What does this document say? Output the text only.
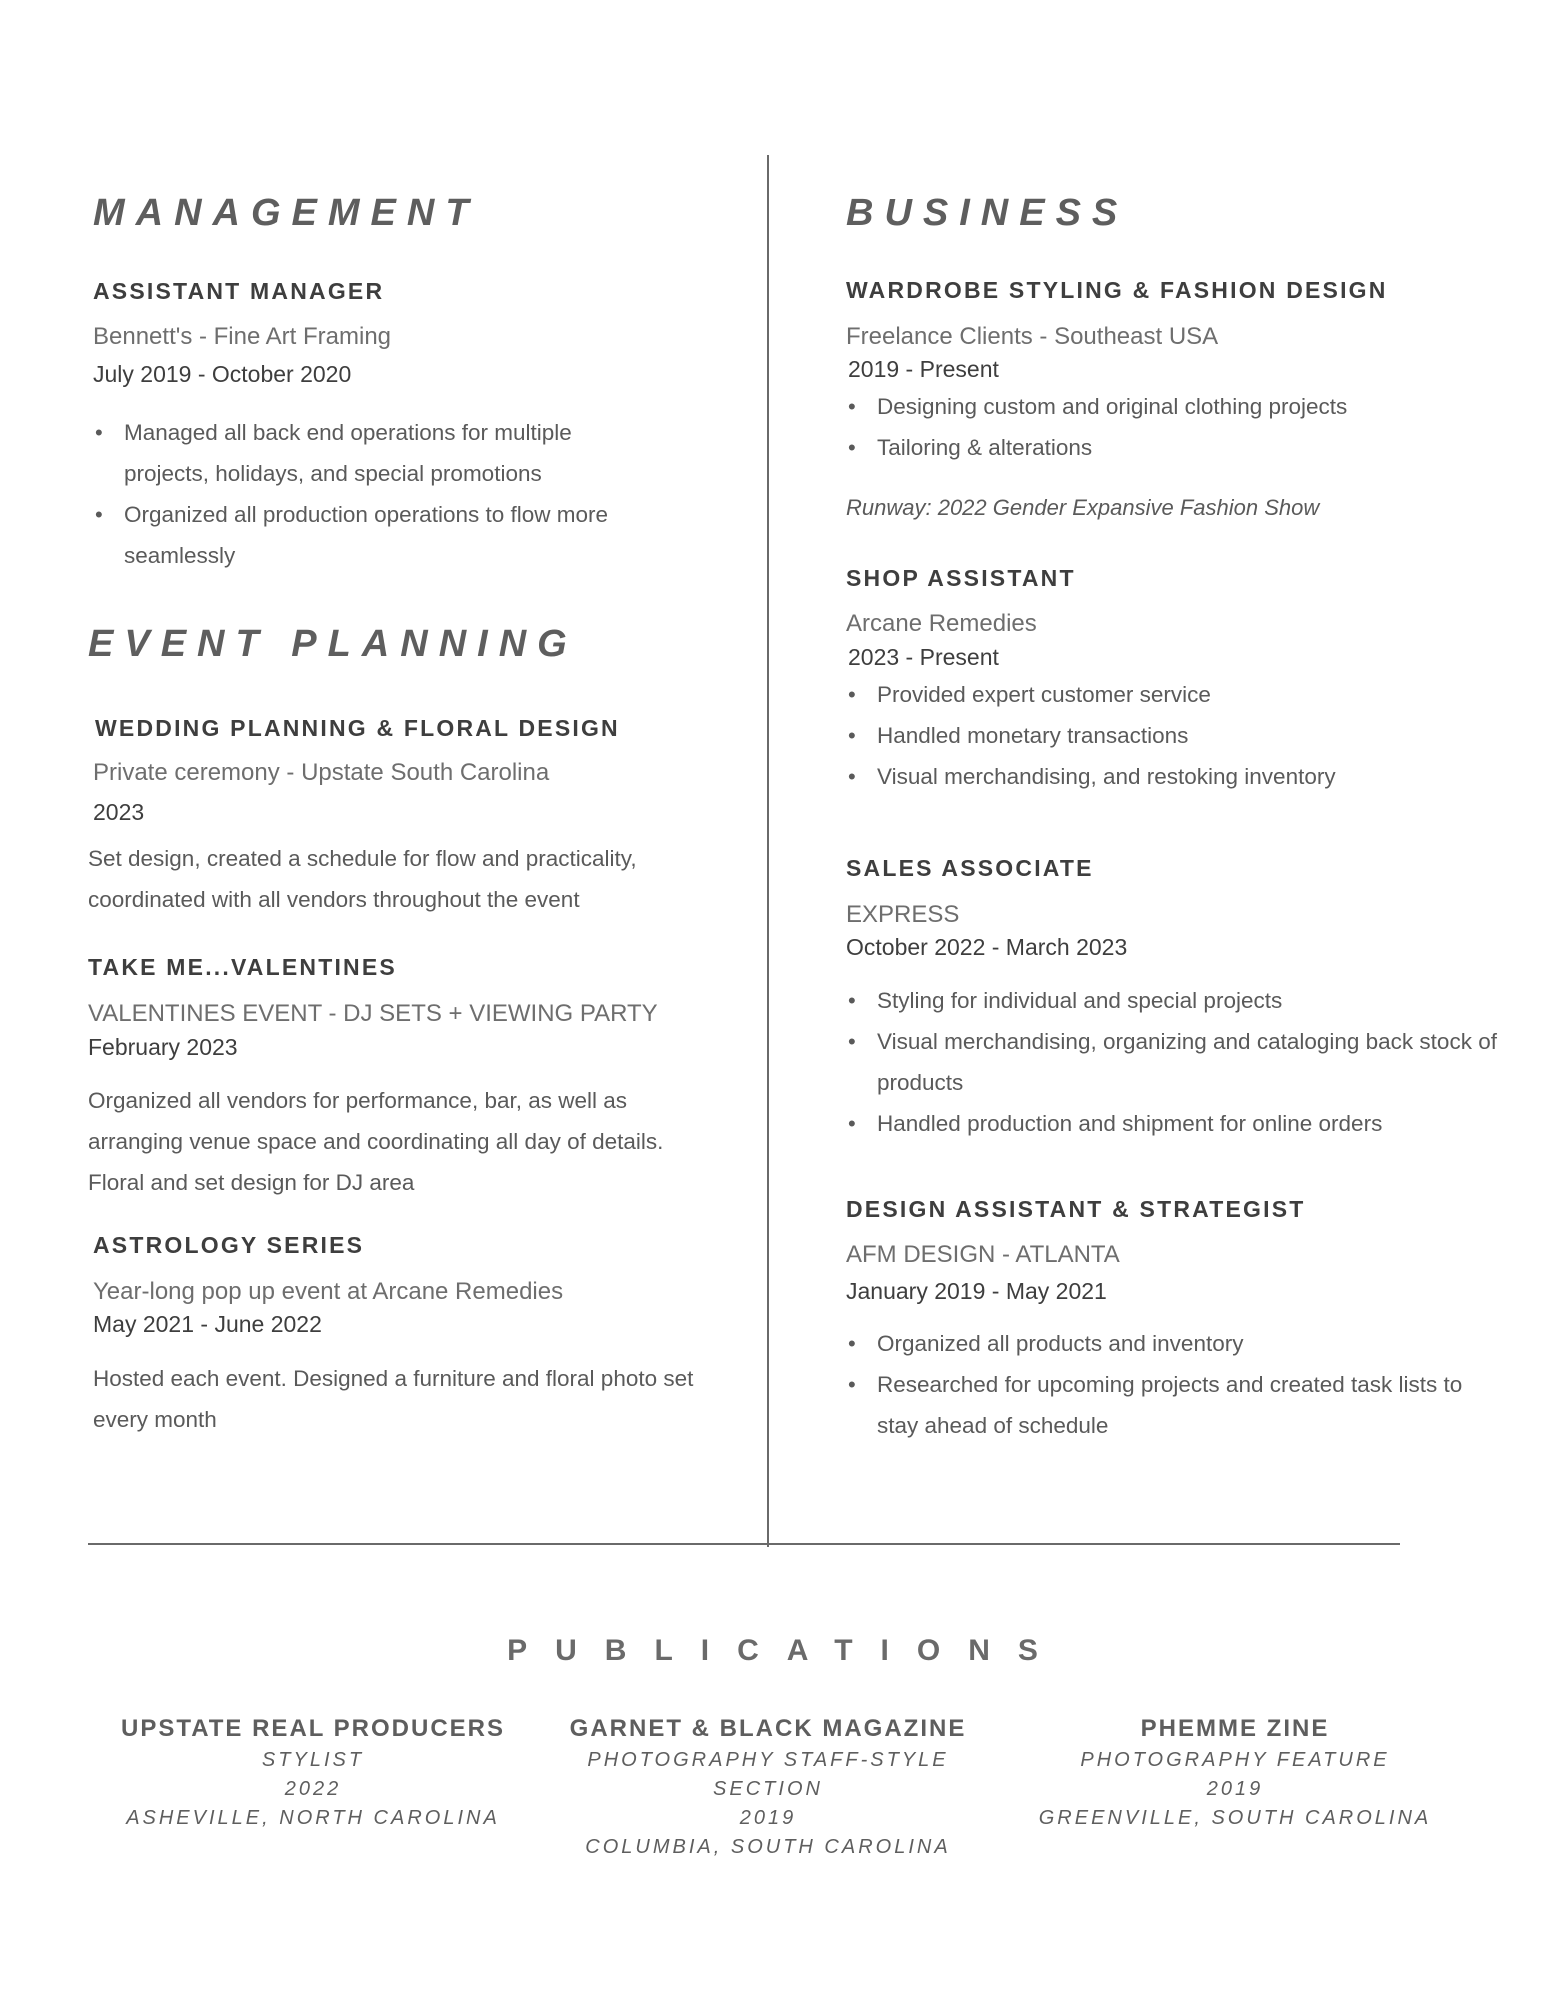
MANAGEMENT
ASSISTANT MANAGER

Bennett's - Fine Art Framing

July 2019 - October 2020

• Managed all back end operations for multiple projects, holidays, and special promotions
• Organized all production operations to flow more seamlessly
EVENT PLANNING
WEDDING PLANNING & FLORAL DESIGN

Private ceremony - Upstate South Carolina

2023

Set design, created a schedule for flow and practicality, coordinated with all vendors throughout the event

TAKE ME...VALENTINES

VALENTINES EVENT - DJ SETS + VIEWING PARTY

February 2023

Organized all vendors for performance, bar, as well as arranging venue space and coordinating all day of details. Floral and set design for DJ area

ASTROLOGY SERIES

Year-long pop up event at Arcane Remedies

May 2021 - June 2022

Hosted each event. Designed a furniture and floral photo set every month

BUSINESS
WARDROBE STYLING & FASHION DESIGN

Freelance Clients - Southeast USA

2019 - Present

• Designing custom and original clothing projects
• Tailoring & alterations

Runway: 2022 Gender Expansive Fashion Show

SHOP ASSISTANT

Arcane Remedies

2023 - Present

• Provided expert customer service
• Handled monetary transactions
• Visual merchandising, and restoking inventory
SALES ASSOCIATE

EXPRESS

October 2022 - March 2023

• Styling for individual and special projects
• Visual merchandising, organizing and cataloging back stock of products
• Handled production and shipment for online orders
DESIGN ASSISTANT & STRATEGIST

AFM DESIGN - ATLANTA

January 2019 - May 2021

• Organized all products and inventory
• Researched for upcoming projects and created task lists to stay ahead of schedule
PUBLICATIONS
UPSTATE REAL PRODUCERS
STYLIST
2022
ASHEVILLE, NORTH CAROLINA
GARNET & BLACK MAGAZINE
PHOTOGRAPHY STAFF-STYLE SECTION
2019
COLUMBIA, SOUTH CAROLINA
PHEMME ZINE
PHOTOGRAPHY FEATURE
2019
GREENVILLE, SOUTH CAROLINA
